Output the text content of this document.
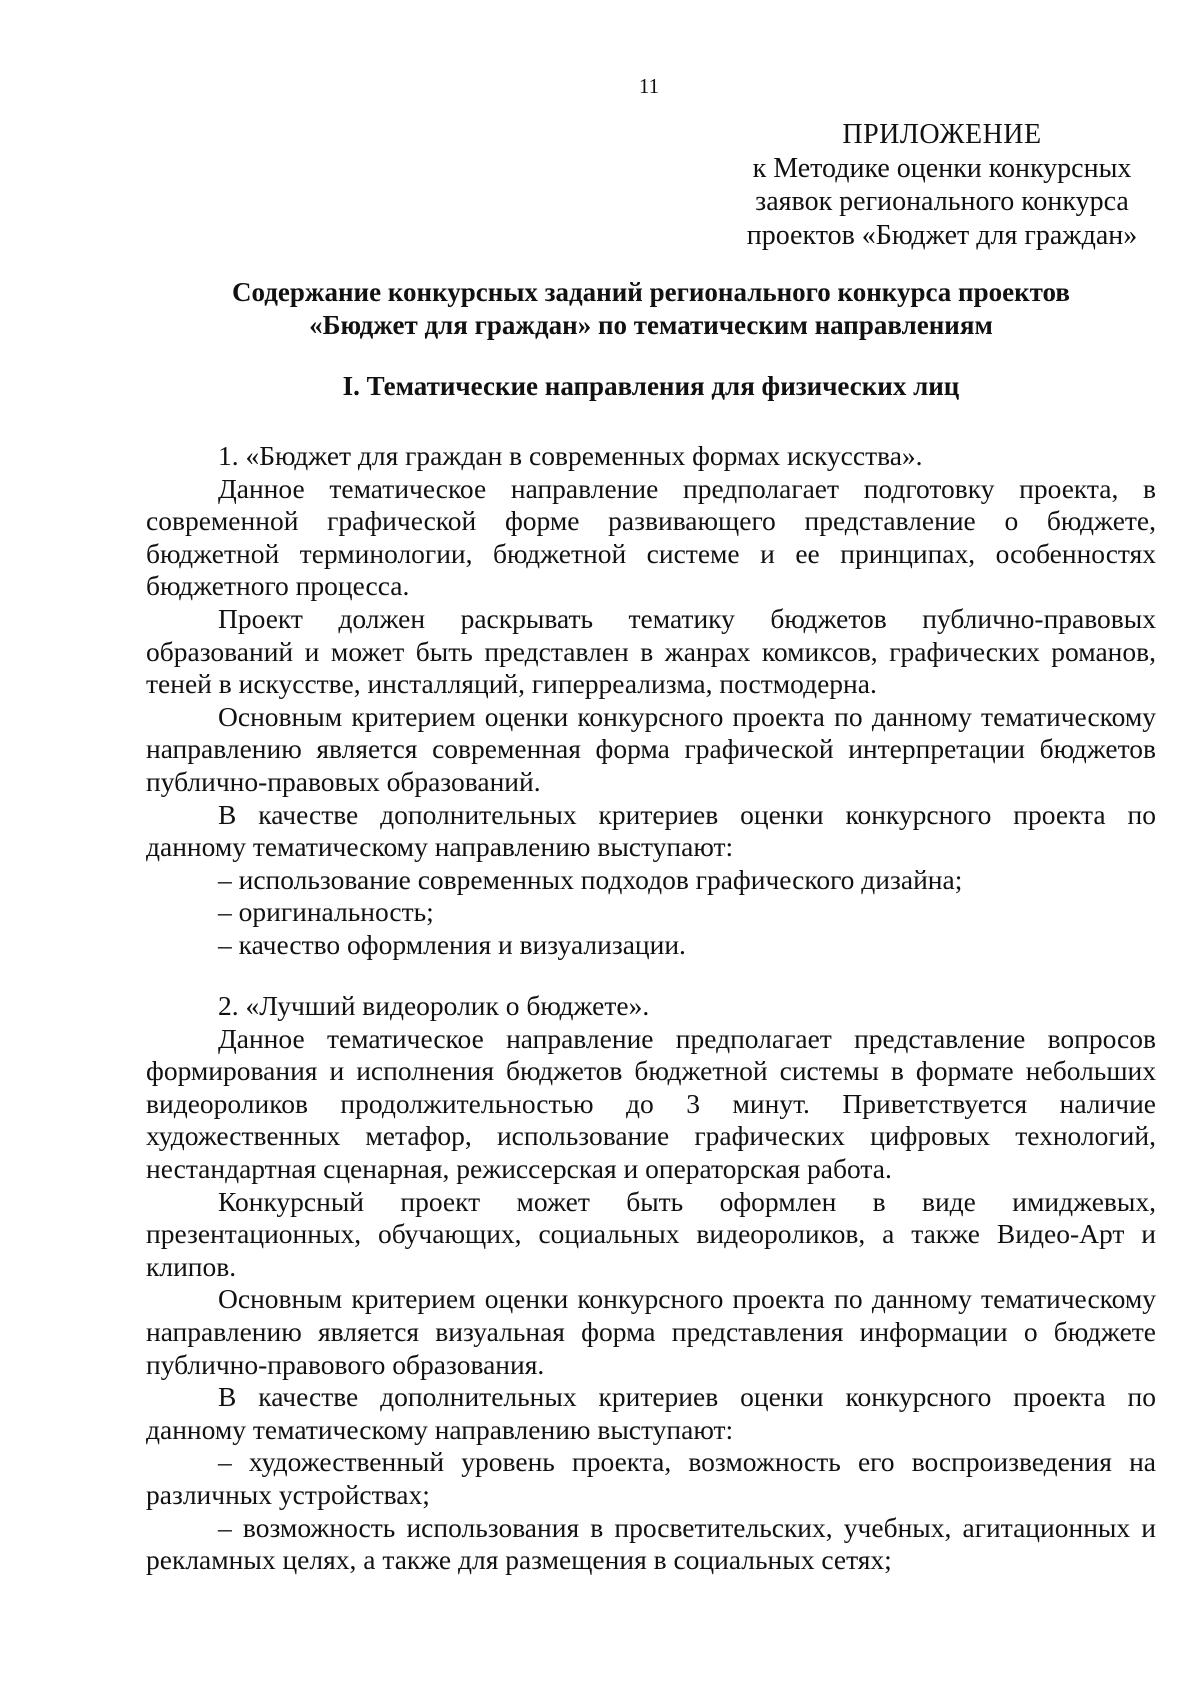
11
ПРИЛОЖЕНИЕ
к Методике оценки конкурсных
заявок регионального конкурса
проектов «Бюджет для граждан»
Содержание конкурсных заданий регионального конкурса проектов
«Бюджет для граждан» по тематическим направлениям
I. Тематические направления для физических лиц

1. «Бюджет для граждан в современных формах искусства».

Данное тематическое направление предполагает подготовку проекта, в современной графической форме развивающего представление о бюджете, бюджетной терминологии, бюджетной системе и ее принципах, особенностях бюджетного процесса.

Проект должен раскрывать тематику бюджетов публично-правовых образований и может быть представлен в жанрах комиксов, графических романов, теней в искусстве, инсталляций, гиперреализма, постмодерна.

Основным критерием оценки конкурсного проекта по данному тематическому направлению является современная форма графической интерпретации бюджетов публично-правовых образований.

В качестве дополнительных критериев оценки конкурсного проекта по данному тематическому направлению выступают:

– использование современных подходов графического дизайна;

– оригинальность;

– качество оформления и визуализации.

2. «Лучший видеоролик о бюджете».

Данное тематическое направление предполагает представление вопросов формирования и исполнения бюджетов бюджетной системы в формате небольших видеороликов продолжительностью до 3 минут. Приветствуется наличие художественных метафор, использование графических цифровых технологий, нестандартная сценарная, режиссерская и операторская работа.

Конкурсный проект может быть оформлен в виде имиджевых, презентационных, обучающих, социальных видеороликов, а также Видео-Арт и клипов.

Основным критерием оценки конкурсного проекта по данному тематическому направлению является визуальная форма представления информации о бюджете публично-правового образования.

В качестве дополнительных критериев оценки конкурсного проекта по данному тематическому направлению выступают:

– художественный уровень проекта, возможность его воспроизведения на различных устройствах;

– возможность использования в просветительских, учебных, агитационных и рекламных целях, а также для размещения в социальных сетях;
